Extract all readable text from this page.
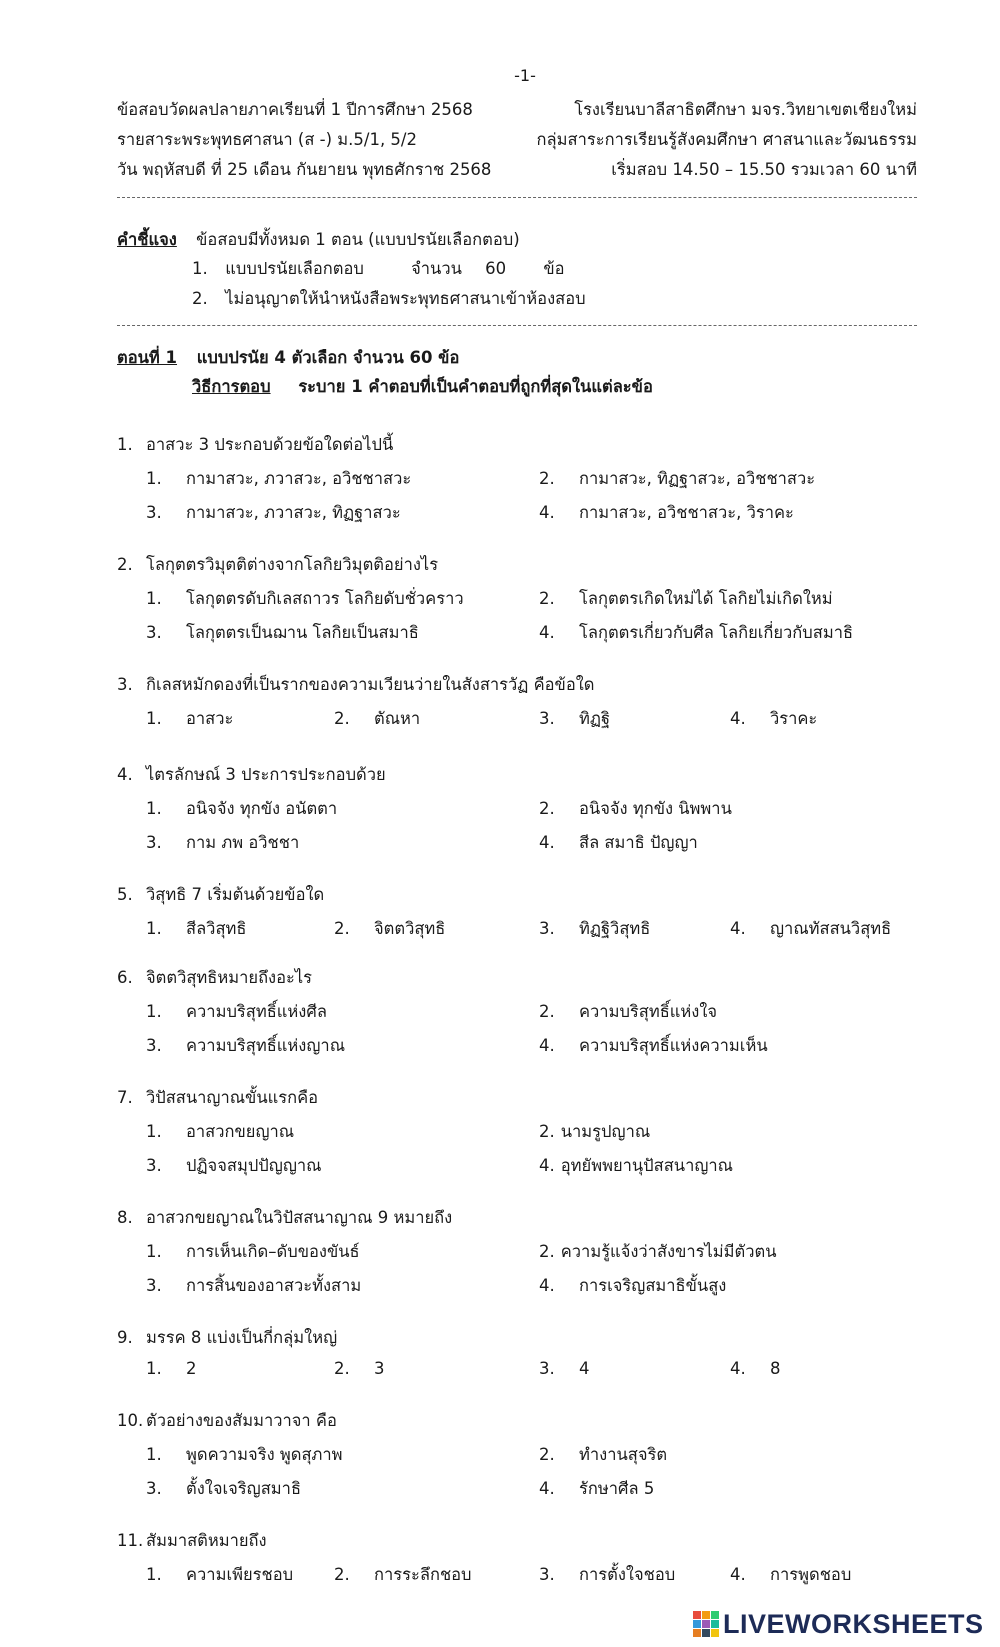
-1-
ข้อสอบวัดผลปลายภาคเรียนที่ 1 ปีการศึกษา 2568	โรงเรียนบาลีสาธิตศึกษา มจร.วิทยาเขตเชียงใหม่
รายสาระพระพุทธศาสนา (ส -) ม.5/1, 5/2	กลุ่มสาระการเรียนรู้สังคมศึกษา ศาสนาและวัฒนธรรม
วัน พฤหัสบดี ที่ 25 เดือน กันยายน พุทธศักราช 2568	เริ่มสอบ 14.50 – 15.50 รวมเวลา 60 นาที
คำชี้แจง ข้อสอบมีทั้งหมด 1 ตอน (แบบปรนัยเลือกตอบ)
1. แบบปรนัยเลือกตอบ	จำนวน 60 ข้อ
2. ไม่อนุญาตให้นำหนังสือพระพุทธศาสนาเข้าห้องสอบ
ตอนที่ 1 แบบปรนัย 4 ตัวเลือก จำนวน 60 ข้อ
วิธีการตอบ ระบาย 1 คำตอบที่เป็นคำตอบที่ถูกที่สุดในแต่ละข้อ
1. อาสวะ 3 ประกอบด้วยข้อใดต่อไปนี้
1. กามาสวะ, ภวาสวะ, อวิชชาสวะ	2. กามาสวะ, ทิฏฐาสวะ, อวิชชาสวะ
3. กามาสวะ, ภวาสวะ, ทิฏฐาสวะ	4. กามาสวะ, อวิชชาสวะ, วิราคะ
2. โลกุตตรวิมุตติต่างจากโลกิยวิมุตติอย่างไร
1. โลกุตตรดับกิเลสถาวร โลกิยดับชั่วคราว	2. โลกุตตรเกิดใหม่ได้ โลกิยไม่เกิดใหม่
3. โลกุตตรเป็นฌาน โลกิยเป็นสมาธิ	4. โลกุตตรเกี่ยวกับศีล โลกิยเกี่ยวกับสมาธิ
3. กิเลสหมักดองที่เป็นรากของความเวียนว่ายในสังสารวัฏ คือข้อใด
1. อาสวะ	2. ตัณหา	3. ทิฏฐิ	4. วิราคะ
4. ไตรลักษณ์ 3 ประการประกอบด้วย
1. อนิจจัง ทุกขัง อนัตตา	2. อนิจจัง ทุกขัง นิพพาน
3. กาม ภพ อวิชชา	4. สีล สมาธิ ปัญญา
5. วิสุทธิ 7 เริ่มต้นด้วยข้อใด
1. สีลวิสุทธิ	2. จิตตวิสุทธิ	3. ทิฏฐิวิสุทธิ	4. ญาณทัสสนวิสุทธิ
6. จิตตวิสุทธิหมายถึงอะไร
1. ความบริสุทธิ์แห่งศีล	2. ความบริสุทธิ์แห่งใจ
3. ความบริสุทธิ์แห่งญาณ	4. ความบริสุทธิ์แห่งความเห็น
7. วิปัสสนาญาณขั้นแรกคือ
1. อาสวกขยญาณ	2. นามรูปญาณ
3. ปฏิจจสมุปปัญญาณ	4. อุทยัพพยานุปัสสนาญาณ
8. อาสวกขยญาณในวิปัสสนาญาณ 9 หมายถึง
1. การเห็นเกิด–ดับของขันธ์	2. ความรู้แจ้งว่าสังขารไม่มีตัวตน
3. การสิ้นของอาสวะทั้งสาม	4. การเจริญสมาธิขั้นสูง
9. มรรค 8 แบ่งเป็นกี่กลุ่มใหญ่
1. 2	2. 3	3. 4	4. 8
10. ตัวอย่างของสัมมาวาจา คือ
1. พูดความจริง พูดสุภาพ	2. ทำงานสุจริต
3. ตั้งใจเจริญสมาธิ	4. รักษาศีล 5
11. สัมมาสติหมายถึง
1. ความเพียรชอบ 2. การระลึกชอบ	3. การตั้งใจชอบ	4. การพูดชอบ
LIVEWORKSHEETS
